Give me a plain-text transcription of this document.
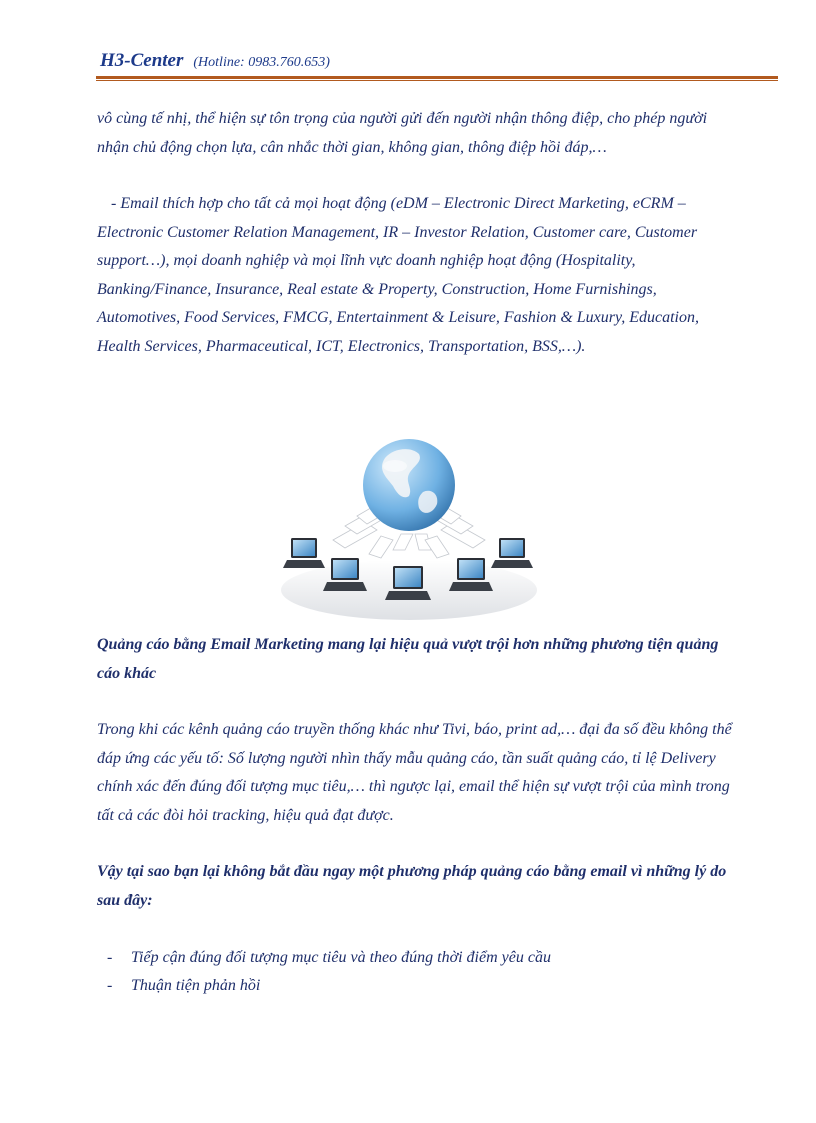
H3-Center (Hotline: 0983.760.653)

vô cùng tế nhị, thể hiện sự tôn trọng của người gửi đến người nhận thông điệp, cho phép người nhận chủ động chọn lựa, cân nhắc thời gian, không gian, thông điệp hồi đáp,…

- Email thích hợp cho tất cả mọi hoạt động (eDM – Electronic Direct Marketing, eCRM – Electronic Customer Relation Management, IR – Investor Relation, Customer care, Customer support…), mọi doanh nghiệp và mọi lĩnh vực doanh nghiệp hoạt động (Hospitality, Banking/Finance, Insurance, Real estate & Property, Construction, Home Furnishings, Automotives, Food Services, FMCG, Entertainment & Leisure, Fashion & Luxury, Education, Health Services, Pharmaceutical, ICT, Electronics, Transportation, BSS,…).

Quảng cáo bằng Email Marketing mang lại hiệu quả vượt trội hơn những phương tiện quảng cáo khác

Trong khi các kênh quảng cáo truyền thống khác như Tivi, báo, print ad,… đại đa số đều không thể đáp ứng các yếu tố: Số lượng người nhìn thấy mẫu quảng cáo, tần suất quảng cáo, tỉ lệ Delivery chính xác đến đúng đối tượng mục tiêu,… thì ngược lại, email thể hiện sự vượt trội của mình trong tất cả các đòi hỏi tracking, hiệu quả đạt được.

Vậy tại sao bạn lại không bắt đầu ngay một phương pháp quảng cáo bằng email vì những lý do sau đây:

- Tiếp cận đúng đối tượng mục tiêu và theo đúng thời điểm yêu cầu
- Thuận tiện phản hồi
